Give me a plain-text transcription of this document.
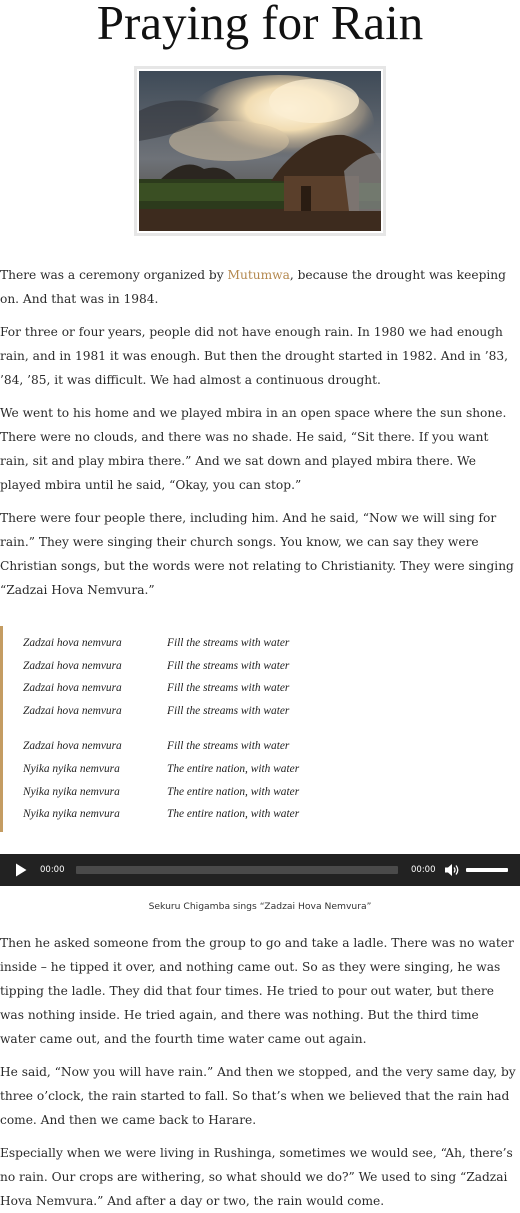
Praying for Rain

There was a ceremony organized by Mutumwa, because the drought was keeping on. And that was in 1984.

For three or four years, people did not have enough rain. In 1980 we had enough rain, and in 1981 it was enough. But then the drought started in 1982. And in ’83, ’84, ’85, it was difficult. We had almost a continuous drought.

We went to his home and we played mbira in an open space where the sun shone. There were no clouds, and there was no shade. He said, “Sit there. If you want rain, sit and play mbira there.” And we sat down and played mbira there. We played mbira until he said, “Okay, you can stop.”

There were four people there, including him. And he said, “Now we will sing for rain.” They were singing their church songs. You know, we can say they were Christian songs, but the words were not relating to Christianity. They were singing “Zadzai Hova Nemvura.”

Zadzai hova nemvura	Fill the streams with water
Zadzai hova nemvura	Fill the streams with water
Zadzai hova nemvura	Fill the streams with water
Zadzai hova nemvura	Fill the streams with water
Zadzai hova nemvura	Fill the streams with water
Nyika nyika nemvura	The entire nation, with water
Nyika nyika nemvura	The entire nation, with water
Nyika nyika nemvura	The entire nation, with water
00:00	00:00
Sekuru Chigamba sings “Zadzai Hova Nemvura”

Then he asked someone from the group to go and take a ladle. There was no water inside – he tipped it over, and nothing came out. So as they were singing, he was tipping the ladle. They did that four times. He tried to pour out water, but there was nothing inside. He tried again, and there was nothing. But the third time water came out, and the fourth time water came out again.

He said, “Now you will have rain.” And then we stopped, and the very same day, by three o’clock, the rain started to fall. So that’s when we believed that the rain had come. And then we came back to Harare.

Especially when we were living in Rushinga, sometimes we would see, “Ah, there’s no rain. Our crops are withering, so what should we do?” We used to sing “Zadzai Hova Nemvura.” And after a day or two, the rain would come.
